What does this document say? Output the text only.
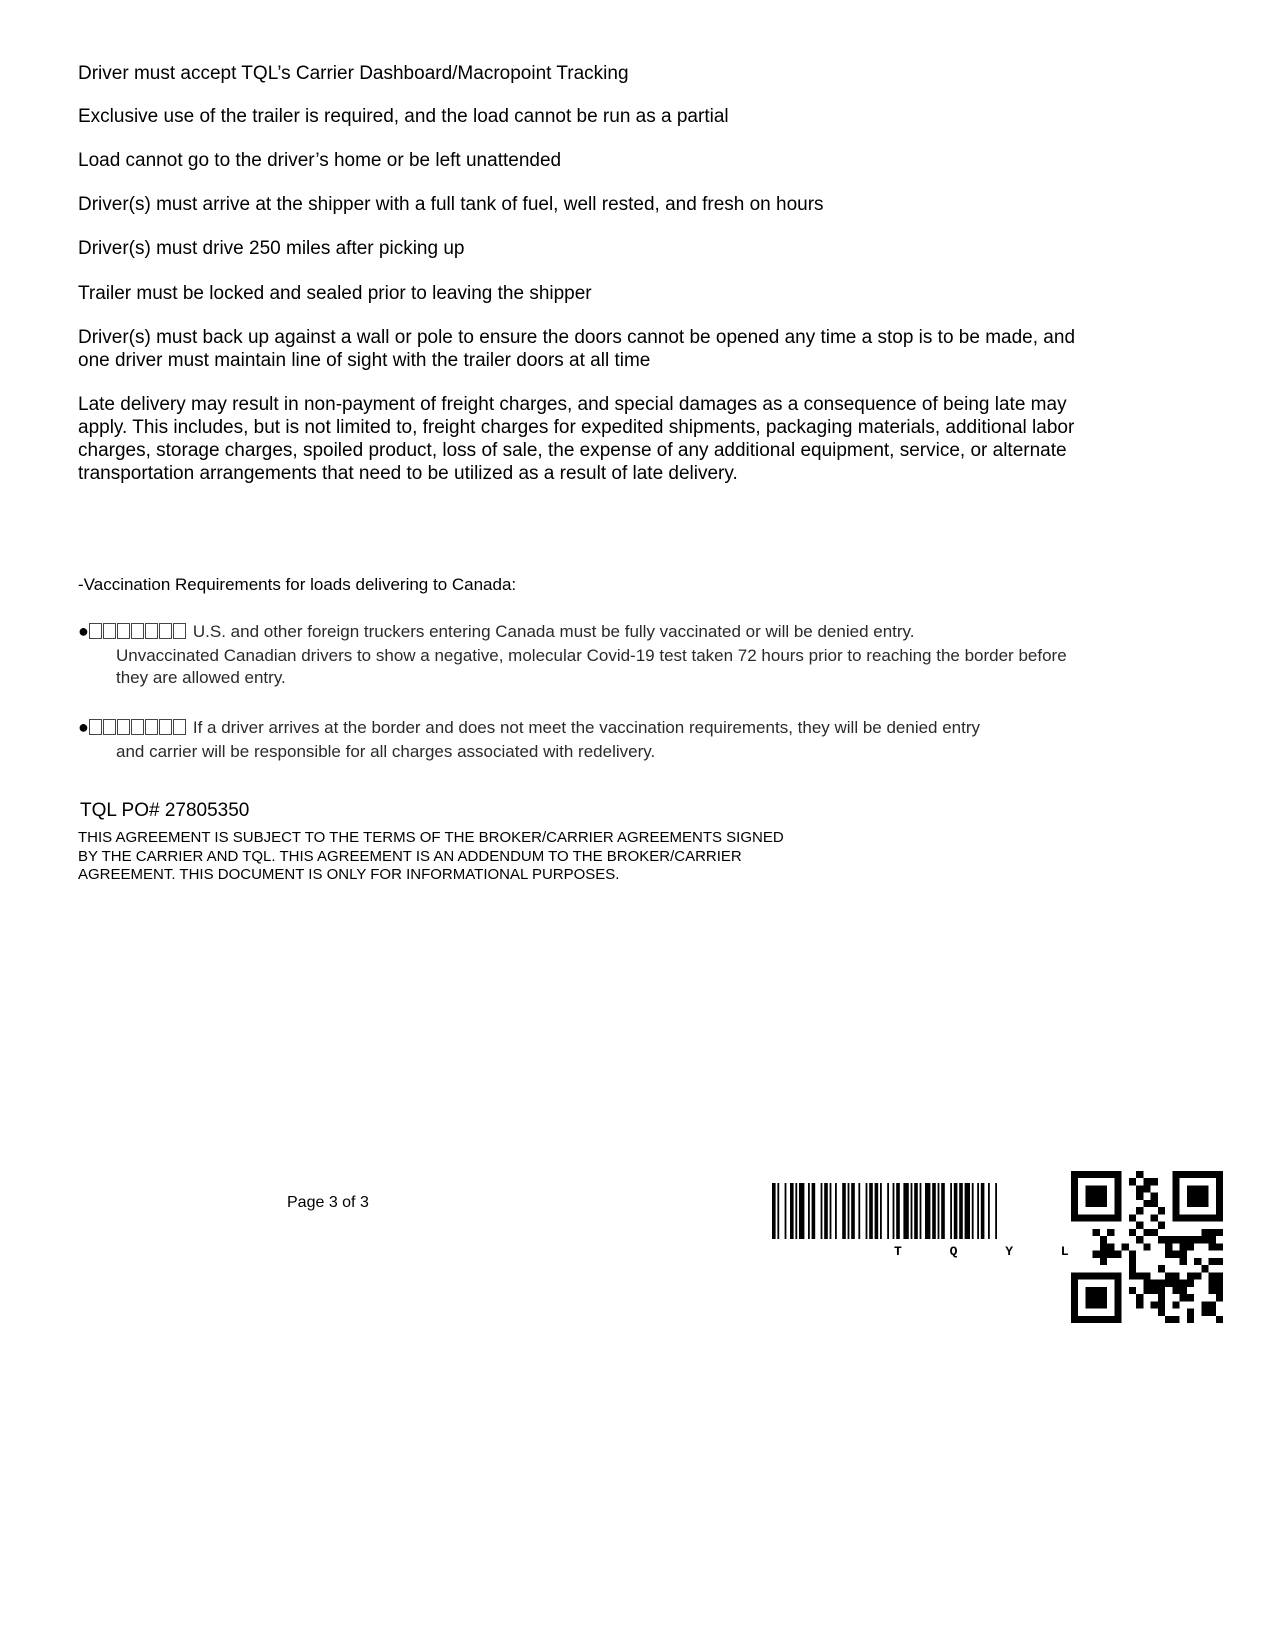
Driver must accept TQL’s Carrier Dashboard/Macropoint Tracking

Exclusive use of the trailer is required, and the load cannot be run as a partial

Load cannot go to the driver’s home or be left unattended

Driver(s) must arrive at the shipper with a full tank of fuel, well rested, and fresh on hours

Driver(s) must drive 250 miles after picking up

Trailer must be locked and sealed prior to leaving the shipper

Driver(s) must back up against a wall or pole to ensure the doors cannot be opened any time a stop is to be made, and one driver must maintain line of sight with the trailer doors at all time

Late delivery may result in non-payment of freight charges, and special damages as a consequence of being late may apply. This includes, but is not limited to, freight charges for expedited shipments, packaging materials, additional labor charges, storage charges, spoiled product, loss of sale, the expense of any additional equipment, service, or alternate transportation arrangements that need to be utilized as a result of late delivery.

-Vaccination Requirements for loads delivering to Canada:

●	U.S. and other foreign truckers entering Canada must be fully vaccinated or will be denied entry.
Unvaccinated Canadian drivers to show a negative, molecular Covid-19 test taken 72 hours prior to reaching the border before they are allowed entry.
●	If a driver arrives at the border and does not meet the vaccination requirements, they will be denied entry
and carrier will be responsible for all charges associated with redelivery.

TQL PO# 27805350

THIS AGREEMENT IS SUBJECT TO THE TERMS OF THE BROKER/CARRIER AGREEMENTS SIGNED BY THE CARRIER AND TQL. THIS AGREEMENT IS AN ADDENDUM TO THE BROKER/CARRIER AGREEMENT. THIS DOCUMENT IS ONLY FOR INFORMATIONAL PURPOSES.

Page 3 of 3

T Q Y L
